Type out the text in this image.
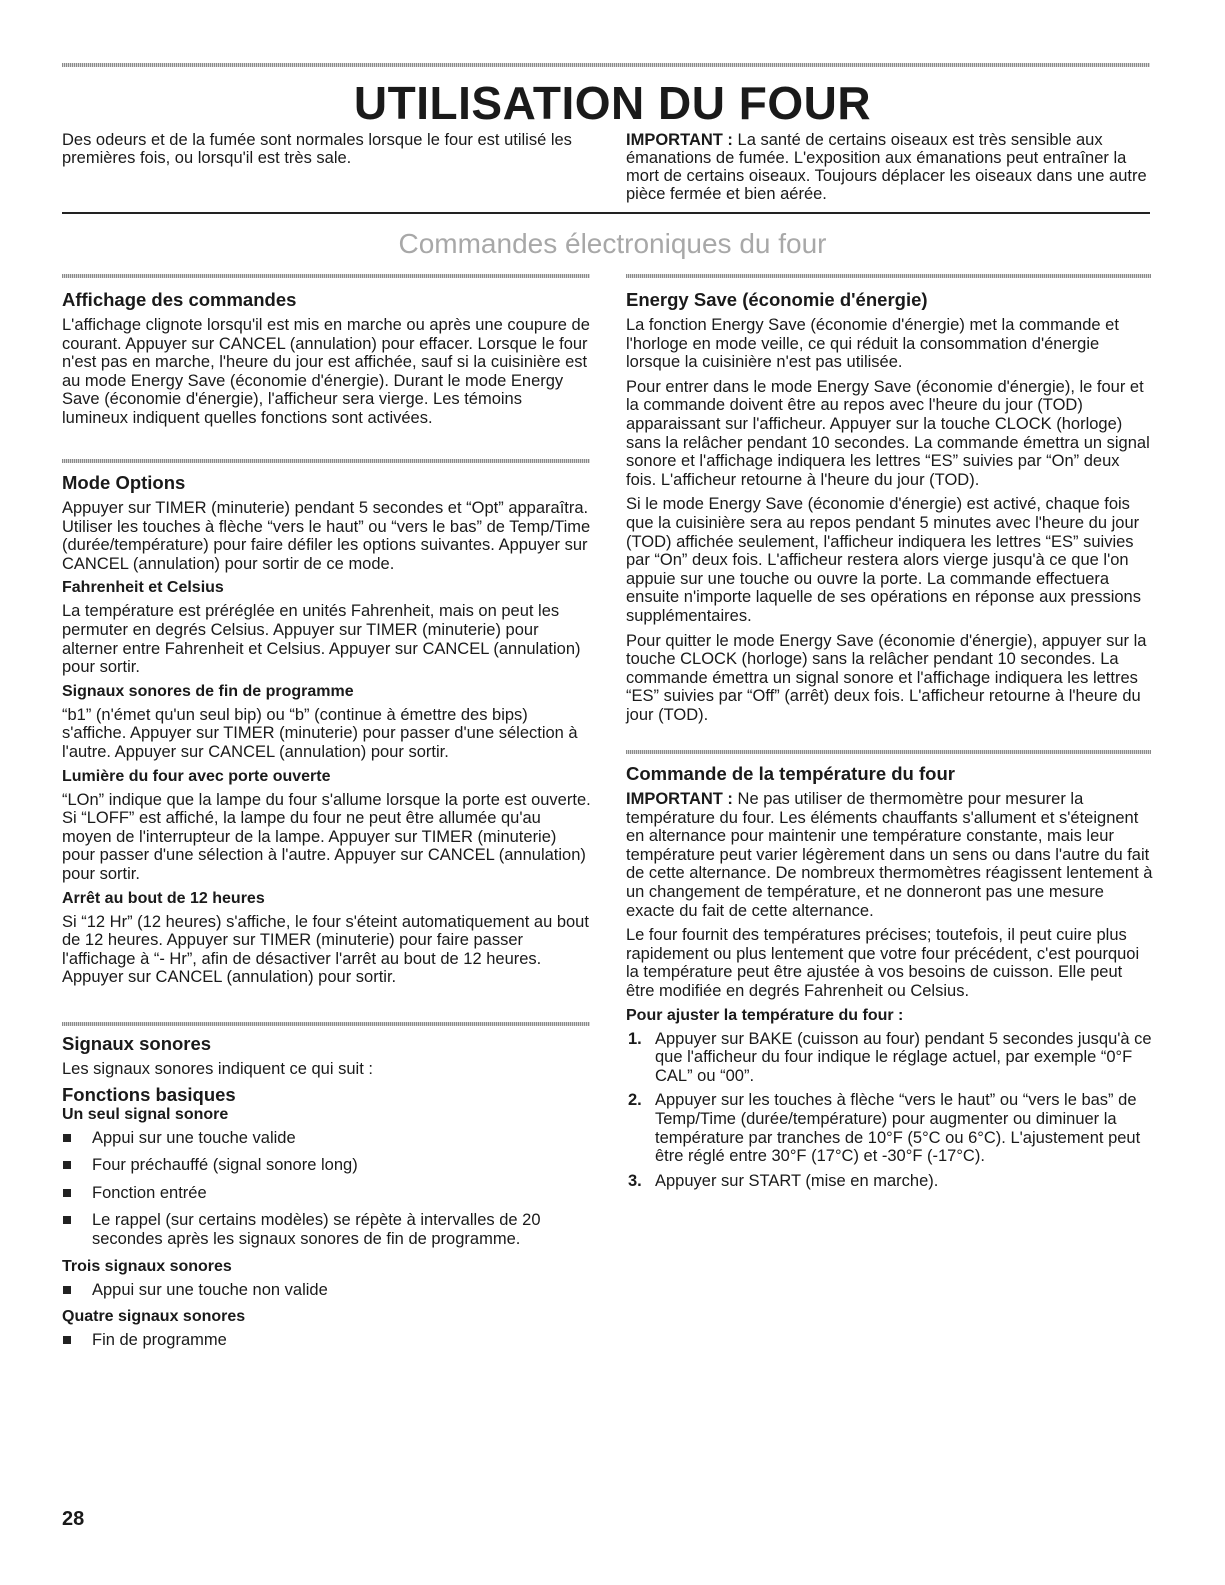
UTILISATION DU FOUR
Des odeurs et de la fumée sont normales lorsque le four est utilisé les premières fois, ou lorsqu'il est très sale.
IMPORTANT : La santé de certains oiseaux est très sensible aux émanations de fumée. L'exposition aux émanations peut entraîner la mort de certains oiseaux. Toujours déplacer les oiseaux dans une autre pièce fermée et bien aérée.
Commandes électroniques du four
Affichage des commandes

L'affichage clignote lorsqu'il est mis en marche ou après une coupure de courant. Appuyer sur CANCEL (annulation) pour effacer. Lorsque le four n'est pas en marche, l'heure du jour est affichée, sauf si la cuisinière est au mode Energy Save (économie d'énergie). Durant le mode Energy Save (économie d'énergie), l'afficheur sera vierge. Les témoins lumineux indiquent quelles fonctions sont activées.

Mode Options

Appuyer sur TIMER (minuterie) pendant 5 secondes et “Opt” apparaîtra. Utiliser les touches à flèche “vers le haut” ou “vers le bas” de Temp/Time (durée/température) pour faire défiler les options suivantes. Appuyer sur CANCEL (annulation) pour sortir de ce mode.

Fahrenheit et Celsius

La température est préréglée en unités Fahrenheit, mais on peut les permuter en degrés Celsius. Appuyer sur TIMER (minuterie) pour alterner entre Fahrenheit et Celsius. Appuyer sur CANCEL (annulation) pour sortir.

Signaux sonores de fin de programme

“b1” (n'émet qu'un seul bip) ou “b” (continue à émettre des bips) s'affiche. Appuyer sur TIMER (minuterie) pour passer d'une sélection à l'autre. Appuyer sur CANCEL (annulation) pour sortir.

Lumière du four avec porte ouverte

“LOn” indique que la lampe du four s'allume lorsque la porte est ouverte. Si “LOFF” est affiché, la lampe du four ne peut être allumée qu'au moyen de l'interrupteur de la lampe. Appuyer sur TIMER (minuterie) pour passer d'une sélection à l'autre. Appuyer sur CANCEL (annulation) pour sortir.

Arrêt au bout de 12 heures

Si “12 Hr” (12 heures) s'affiche, le four s'éteint automatiquement au bout de 12 heures. Appuyer sur TIMER (minuterie) pour faire passer l'affichage à “- Hr”, afin de désactiver l'arrêt au bout de 12 heures. Appuyer sur CANCEL (annulation) pour sortir.

Signaux sonores

Les signaux sonores indiquent ce qui suit :

Fonctions basiques
Un seul signal sonore
Appui sur une touche valide
Four préchauffé (signal sonore long)
Fonction entrée
Le rappel (sur certains modèles) se répète à intervalles de 20 secondes après les signaux sonores de fin de programme.
Trois signaux sonores
Appui sur une touche non valide
Quatre signaux sonores
Fin de programme
Energy Save (économie d'énergie)

La fonction Energy Save (économie d'énergie) met la commande et l'horloge en mode veille, ce qui réduit la consommation d'énergie lorsque la cuisinière n'est pas utilisée.

Pour entrer dans le mode Energy Save (économie d'énergie), le four et la commande doivent être au repos avec l'heure du jour (TOD) apparaissant sur l'afficheur. Appuyer sur la touche CLOCK (horloge) sans la relâcher pendant 10 secondes. La commande émettra un signal sonore et l'affichage indiquera les lettres “ES” suivies par “On” deux fois. L'afficheur retourne à l'heure du jour (TOD).

Si le mode Energy Save (économie d'énergie) est activé, chaque fois que la cuisinière sera au repos pendant 5 minutes avec l'heure du jour (TOD) affichée seulement, l'afficheur indiquera les lettres “ES” suivies par “On” deux fois. L'afficheur restera alors vierge jusqu'à ce que l'on appuie sur une touche ou ouvre la porte. La commande effectuera ensuite n'importe laquelle de ses opérations en réponse aux pressions supplémentaires.

Pour quitter le mode Energy Save (économie d'énergie), appuyer sur la touche CLOCK (horloge) sans la relâcher pendant 10 secondes. La commande émettra un signal sonore et l'affichage indiquera les lettres “ES” suivies par “Off” (arrêt) deux fois. L'afficheur retourne à l'heure du jour (TOD).

Commande de la température du four

IMPORTANT : Ne pas utiliser de thermomètre pour mesurer la température du four. Les éléments chauffants s'allument et s'éteignent en alternance pour maintenir une température constante, mais leur température peut varier légèrement dans un sens ou dans l'autre du fait de cette alternance. De nombreux thermomètres réagissent lentement à un changement de température, et ne donneront pas une mesure exacte du fait de cette alternance.

Le four fournit des températures précises; toutefois, il peut cuire plus rapidement ou plus lentement que votre four précédent, c'est pourquoi la température peut être ajustée à vos besoins de cuisson. Elle peut être modifiée en degrés Fahrenheit ou Celsius.

Pour ajuster la température du four :
1. Appuyer sur BAKE (cuisson au four) pendant 5 secondes jusqu'à ce que l'afficheur du four indique le réglage actuel, par exemple “0°F CAL” ou “00”.
2. Appuyer sur les touches à flèche “vers le haut” ou “vers le bas” de Temp/Time (durée/température) pour augmenter ou diminuer la température par tranches de 10°F (5°C ou 6°C). L'ajustement peut être réglé entre 30°F (17°C) et -30°F (-17°C).
3. Appuyer sur START (mise en marche).
28
